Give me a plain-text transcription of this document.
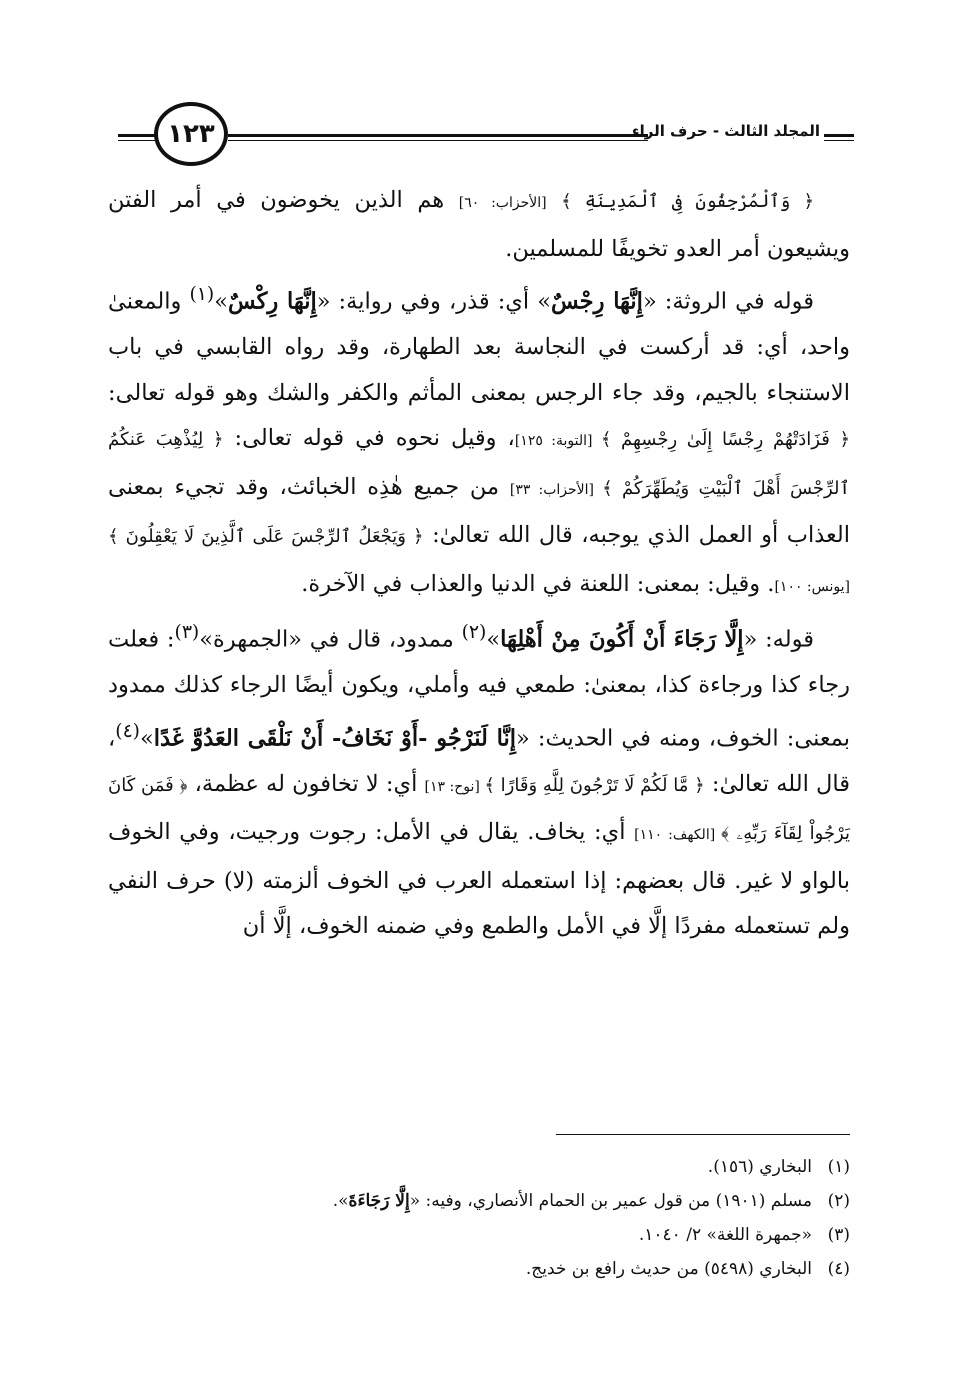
١٢٣	المجلد الثالث - حرف الراء

﴿ وَٱلْمُرْجِفُونَ فِى ٱلْمَدِينَةِ ﴾ [الأحزاب: ٦٠] هم الذين يخوضون في أمر الفتن ويشيعون أمر العدو تخويفًا للمسلمين.

قوله في الروثة: «إِنَّهَا رِجْسٌ» أي: قذر، وفي رواية: «إِنَّهَا رِكْسٌ»$^{(١)}$ والمعنىٰ واحد، أي: قد أركست في النجاسة بعد الطهارة، وقد رواه القابسي في باب الاستنجاء بالجيم، وقد جاء الرجس بمعنى المأثم والكفر والشك وهو قوله تعالى: ﴿ فَزَادَتْهُمْ رِجْسًا إِلَىٰ رِجْسِهِمْ ﴾ [التوبة: ١٢٥]، وقيل نحوه في قوله تعالى: ﴿ لِيُذْهِبَ عَنكُمُ ٱلرِّجْسَ أَهْلَ ٱلْبَيْتِ وَيُطَهِّرَكُمْ ﴾ [الأحزاب: ٣٣] من جميع هٰذِه الخبائث، وقد تجيء بمعنى العذاب أو العمل الذي يوجبه، قال الله تعالىٰ: ﴿ وَيَجْعَلُ ٱلرِّجْسَ عَلَى ٱلَّذِينَ لَا يَعْقِلُونَ ﴾ [يونس: ١٠٠]. وقيل: بمعنى: اللعنة في الدنيا والعذاب في الآخرة.

قوله: «إِلَّا رَجَاءَ أَنْ أَكُونَ مِنْ أَهْلِهَا»$^{(٢)}$ ممدود، قال في «الجمهرة»$^{(٣)}$: فعلت رجاء كذا ورجاءة كذا، بمعنىٰ: طمعي فيه وأملي، ويكون أيضًا الرجاء كذلك ممدود بمعنى: الخوف، ومنه في الحديث: «إِنَّا لَنَرْجُو -أَوْ نَخَافُ- أَنْ نَلْقَى العَدُوَّ غَدًا»$^{(٤)}$، قال الله تعالىٰ: ﴿ مَّا لَكُمْ لَا تَرْجُونَ لِلَّهِ وَقَارًا ﴾ [نوح: ١٣] أي: لا تخافون له عظمة، ﴿ فَمَن كَانَ يَرْجُواْ لِقَآءَ رَبِّهِۦ ﴾ [الكهف: ١١٠] أي: يخاف. يقال في الأمل: رجوت ورجيت، وفي الخوف بالواو لا غير. قال بعضهم: إذا استعمله العرب في الخوف ألزمته (لا) حرف النفي ولم تستعمله مفردًا إلَّا في الأمل والطمع وفي ضمنه الخوف، إلَّا أن

(١)البخاري (١٥٦).

(٢)مسلم (١٩٠١) من قول عمير بن الحمام الأنصاري، وفيه: «إِلَّا رَجَاءَةَ».

(٣)«جمهرة اللغة» ٢/ ١٠٤٠.

(٤)البخاري (٥٤٩٨) من حديث رافع بن خديج.
